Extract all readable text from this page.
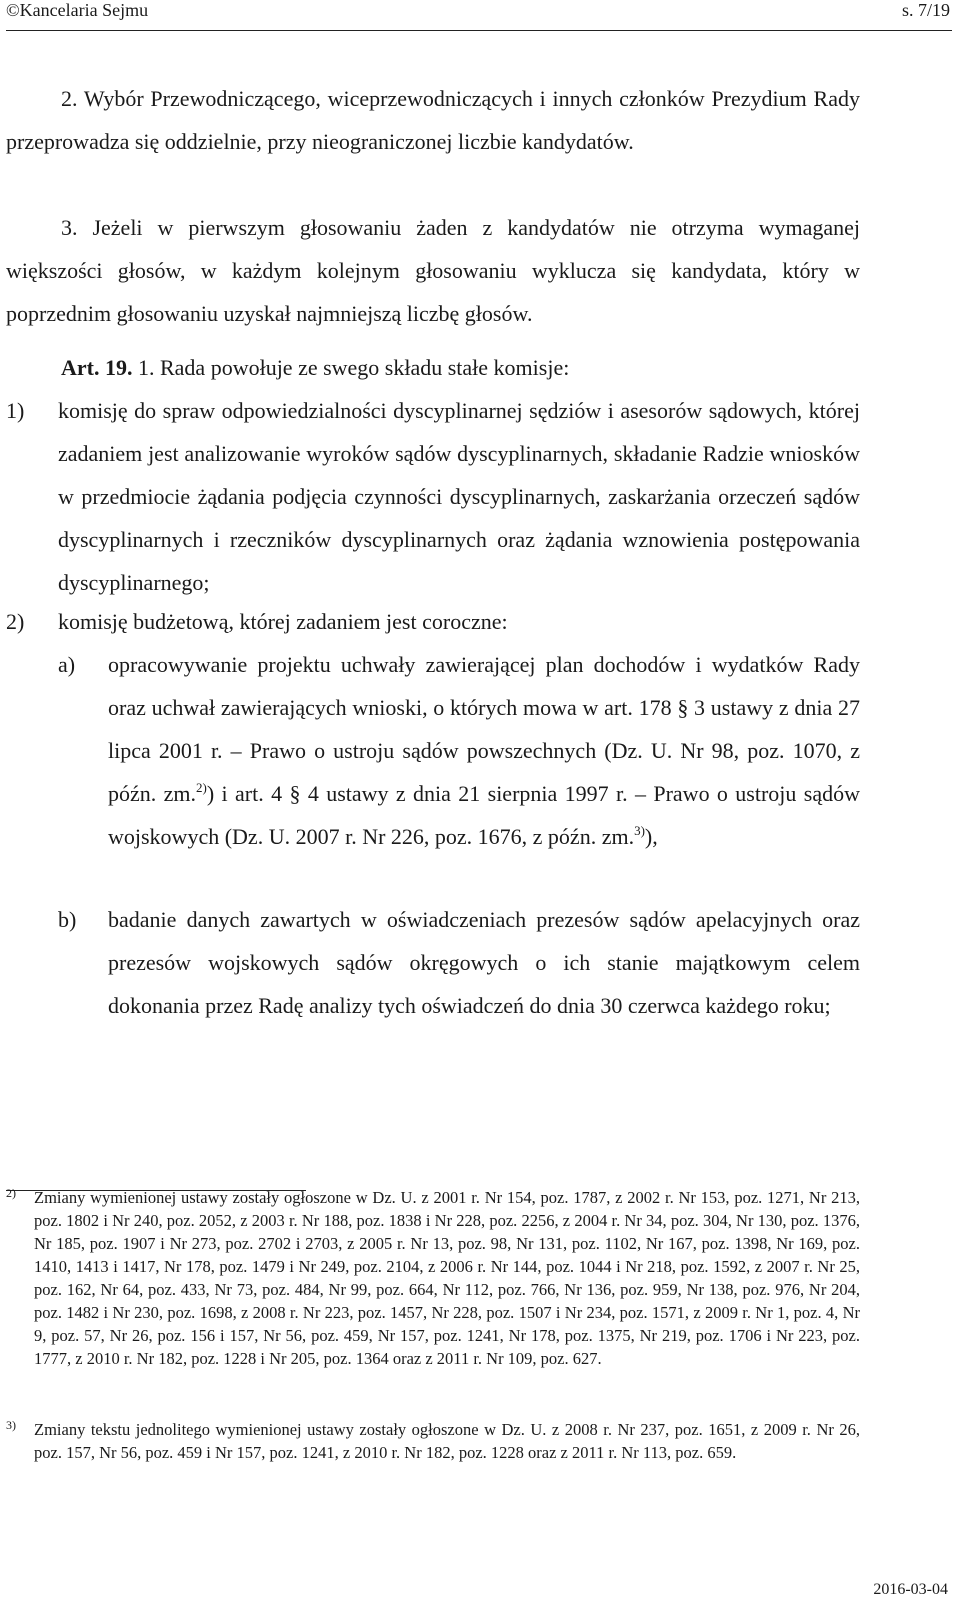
©Kancelaria Sejmu	s. 7/19
2. Wybór Przewodniczącego, wiceprzewodniczących i innych członków Prezydium Rady przeprowadza się oddzielnie, przy nieograniczonej liczbie kandydatów.
3. Jeżeli w pierwszym głosowaniu żaden z kandydatów nie otrzyma wymaganej większości głosów, w każdym kolejnym głosowaniu wyklucza się kandydata, który w poprzednim głosowaniu uzyskał najmniejszą liczbę głosów.
Art. 19. 1. Rada powołuje ze swego składu stałe komisje:
1) komisję do spraw odpowiedzialności dyscyplinarnej sędziów i asesorów sądowych, której zadaniem jest analizowanie wyroków sądów dyscyplinarnych, składanie Radzie wniosków w przedmiocie żądania podjęcia czynności dyscyplinarnych, zaskarżania orzeczeń sądów dyscyplinarnych i rzeczników dyscyplinarnych oraz żądania wznowienia postępowania dyscyplinarnego;
2) komisję budżetową, której zadaniem jest coroczne:
a) opracowywanie projektu uchwały zawierającej plan dochodów i wydatków Rady oraz uchwał zawierających wnioski, o których mowa w art. 178 § 3 ustawy z dnia 27 lipca 2001 r. – Prawo o ustroju sądów powszechnych (Dz. U. Nr 98, poz. 1070, z późn. zm.$^{2)}$) i art. 4 § 4 ustawy z dnia 21 sierpnia 1997 r. – Prawo o ustroju sądów wojskowych (Dz. U. 2007 r. Nr 226, poz. 1676, z późn. zm.$^{3)}$),
b) badanie danych zawartych w oświadczeniach prezesów sądów apelacyjnych oraz prezesów wojskowych sądów okręgowych o ich stanie majątkowym celem dokonania przez Radę analizy tych oświadczeń do dnia 30 czerwca każdego roku;
2) Zmiany wymienionej ustawy zostały ogłoszone w Dz. U. z 2001 r. Nr 154, poz. 1787, z 2002 r. Nr 153, poz. 1271, Nr 213, poz. 1802 i Nr 240, poz. 2052, z 2003 r. Nr 188, poz. 1838 i Nr 228, poz. 2256, z 2004 r. Nr 34, poz. 304, Nr 130, poz. 1376, Nr 185, poz. 1907 i Nr 273, poz. 2702 i 2703, z 2005 r. Nr 13, poz. 98, Nr 131, poz. 1102, Nr 167, poz. 1398, Nr 169, poz. 1410, 1413 i 1417, Nr 178, poz. 1479 i Nr 249, poz. 2104, z 2006 r. Nr 144, poz. 1044 i Nr 218, poz. 1592, z 2007 r. Nr 25, poz. 162, Nr 64, poz. 433, Nr 73, poz. 484, Nr 99, poz. 664, Nr 112, poz. 766, Nr 136, poz. 959, Nr 138, poz. 976, Nr 204, poz. 1482 i Nr 230, poz. 1698, z 2008 r. Nr 223, poz. 1457, Nr 228, poz. 1507 i Nr 234, poz. 1571, z 2009 r. Nr 1, poz. 4, Nr 9, poz. 57, Nr 26, poz. 156 i 157, Nr 56, poz. 459, Nr 157, poz. 1241, Nr 178, poz. 1375, Nr 219, poz. 1706 i Nr 223, poz. 1777, z 2010 r. Nr 182, poz. 1228 i Nr 205, poz. 1364 oraz z 2011 r. Nr 109, poz. 627.
3) Zmiany tekstu jednolitego wymienionej ustawy zostały ogłoszone w Dz. U. z 2008 r. Nr 237, poz. 1651, z 2009 r. Nr 26, poz. 157, Nr 56, poz. 459 i Nr 157, poz. 1241, z 2010 r. Nr 182, poz. 1228 oraz z 2011 r. Nr 113, poz. 659.
2016-03-04
